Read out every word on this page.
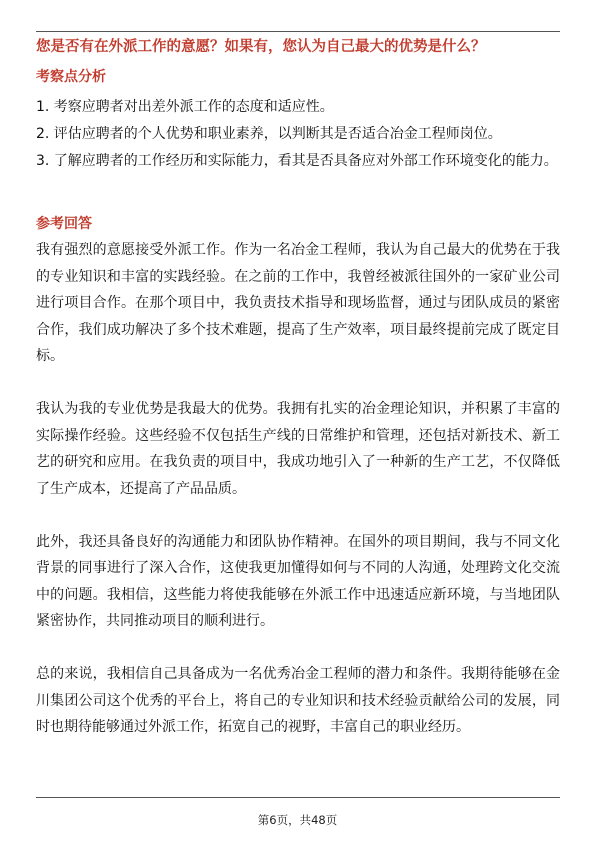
您是否有在外派工作的意愿？如果有，您认为自己最大的优势是什么？
考察点分析

1. 考察应聘者对出差外派工作的态度和适应性。

2. 评估应聘者的个人优势和职业素养，以判断其是否适合冶金工程师岗位。

3. 了解应聘者的工作经历和实际能力，看其是否具备应对外部工作环境变化的能力。

参考回答

我有强烈的意愿接受外派工作。作为一名冶金工程师，我认为自己最大的优势在于我的专业知识和丰富的实践经验。在之前的工作中，我曾经被派往国外的一家矿业公司进行项目合作。在那个项目中，我负责技术指导和现场监督，通过与团队成员的紧密合作，我们成功解决了多个技术难题，提高了生产效率，项目最终提前完成了既定目标。

我认为我的专业优势是我最大的优势。我拥有扎实的冶金理论知识，并积累了丰富的实际操作经验。这些经验不仅包括生产线的日常维护和管理，还包括对新技术、新工艺的研究和应用。在我负责的项目中，我成功地引入了一种新的生产工艺，不仅降低了生产成本，还提高了产品品质。

此外，我还具备良好的沟通能力和团队协作精神。在国外的项目期间，我与不同文化背景的同事进行了深入合作，这使我更加懂得如何与不同的人沟通，处理跨文化交流中的问题。我相信，这些能力将使我能够在外派工作中迅速适应新环境，与当地团队紧密协作，共同推动项目的顺利进行。

总的来说，我相信自己具备成为一名优秀冶金工程师的潜力和条件。我期待能够在金川集团公司这个优秀的平台上，将自己的专业知识和技术经验贡献给公司的发展，同时也期待能够通过外派工作，拓宽自己的视野，丰富自己的职业经历。

第6页，共48页
